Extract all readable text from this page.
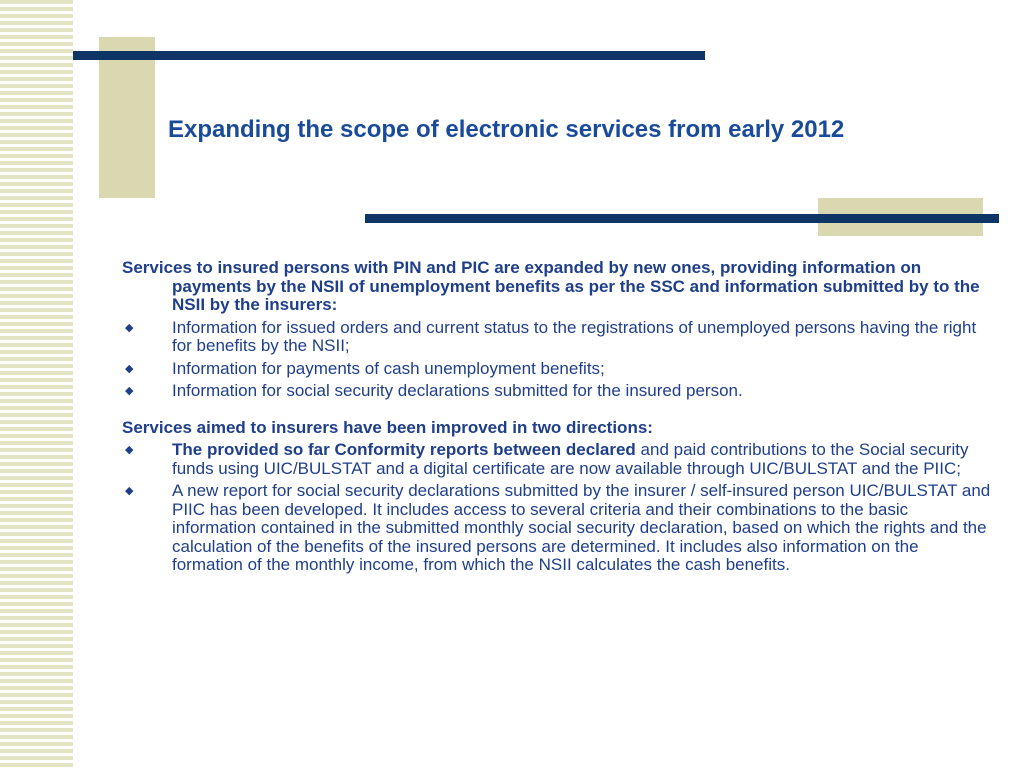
Expanding the scope of electronic services from early 2012

Services to insured persons with PIN and PIC are expanded by new ones, providing information on payments by the NSII of unemployment benefits as per the SSC and information submitted by to the NSII by the insurers:

◆ Information for issued orders and current status to the registrations of unemployed persons having the right for benefits by the NSII;
◆ Information for payments of cash unemployment benefits;
◆ Information for social security declarations submitted for the insured person.

Services aimed to insurers have been improved in two directions:

◆ The provided so far Conformity reports between declared and paid contributions to the Social security funds using UIC/BULSTAT and a digital certificate are now available through UIC/BULSTAT and the PIIC;
◆ A new report for social security declarations submitted by the insurer / self-insured person UIC/BULSTAT and PIIC has been developed. It includes access to several criteria and their combinations to the basic information contained in the submitted monthly social security declaration, based on which the rights and the calculation of the benefits of the insured persons are determined. It includes also information on the formation of the monthly income, from which the NSII calculates the cash benefits.
